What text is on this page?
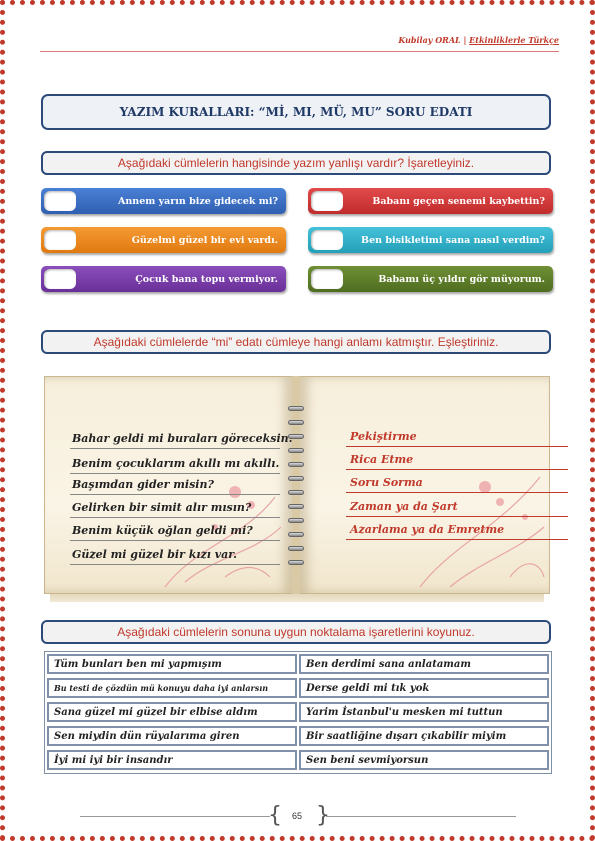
Kubilay ORAL | Etkinliklerle Türkçe
YAZIM KURALLARI: “Mİ, MI, MÜ, MU” SORU EDATI
Aşağıdaki cümlelerin hangisinde yazım yanlışı vardır? İşaretleyiniz.
Annem yarın bize gidecek mi?	Babanı geçen senemi kaybettin?
Güzelmi güzel bir evi vardı.	Ben bisikletimi sana nasıl verdim?
Çocuk bana topu vermiyor.	Babamı üç yıldır gör müyorum.
Aşağıdaki cümlelerde “mi” edatı cümleye hangi anlamı katmıştır. Eşleştiriniz.
Bahar geldi mi buraları göreceksin.
Benim çocuklarım akıllı mı akıllı.
Başımdan gider misin?
Gelirken bir simit alır mısın?
Benim küçük oğlan geldi mi?
Güzel mi güzel bir kızı var.
Pekiştirme
Rica Etme
Soru Sorma
Zaman ya da Şart
Azarlama ya da Emretme
Aşağıdaki cümlelerin sonuna uygun noktalama işaretlerini koyunuz.
Tüm bunları ben mi yapmışım	Ben derdimi sana anlatamam
Bu testi de çözdün mü konuyu daha iyi anlarsın	Derse geldi mi tık yok
Sana güzel mi güzel bir elbise aldım	Yarim İstanbul'u mesken mi tuttun
Sen miydin dün rüyalarıma giren	Bir saatliğine dışarı çıkabilir miyim
İyi mi iyi bir insandır	Sen beni sevmiyorsun
{ }
65
